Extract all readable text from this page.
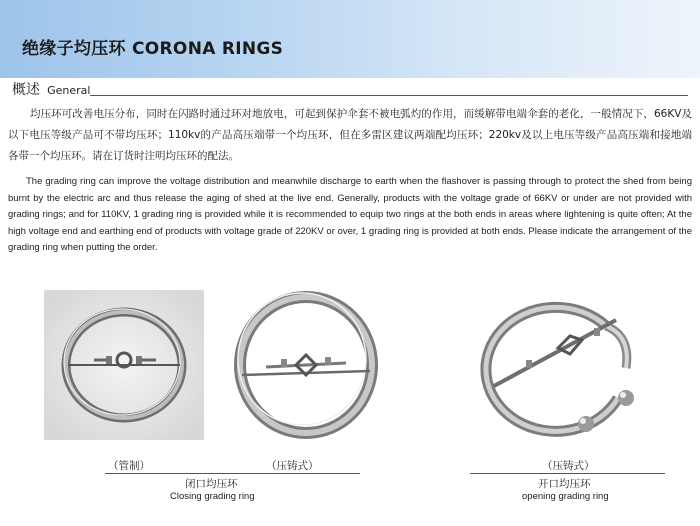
绝缘子均压环 CORONA RINGS
概述 General

均压环可改善电压分布，同时在闪路时通过环对地放电，可起到保护伞套不被电弧灼的作用，而缓解带电端伞套的老化，一般情况下，66KV及以下电压等级产品可不带均压环；110kv的产品高压端带一个均压环，但在多雷区建议两端配均压环；220kv及以上电压等级产品高压端和接地端各带一个均压环。请在订货时注明均压环的配法。

The grading ring can improve the voltage distribution and meanwhile discharge to earth when the flashover is passing through to protect the shed from being burnt by the electric arc and thus release the aging of shed at the live end. Generally, products with the voltage grade of 66KV or under are not provided with grading rings; and for 110KV, 1 grading ring is provided while it is recommended to equip two rings at the both ends in areas where lightening is quite often; At the high voltage end and earthing end of products with voltage grade of 220KV or over, 1 grading ring is provided at both ends. Please indicate the arrangement of the grading ring when putting the order.

（管制）	（压铸式）	（压铸式）
闭口均压环
Closing grading ring
开口均压环
opening grading ring
